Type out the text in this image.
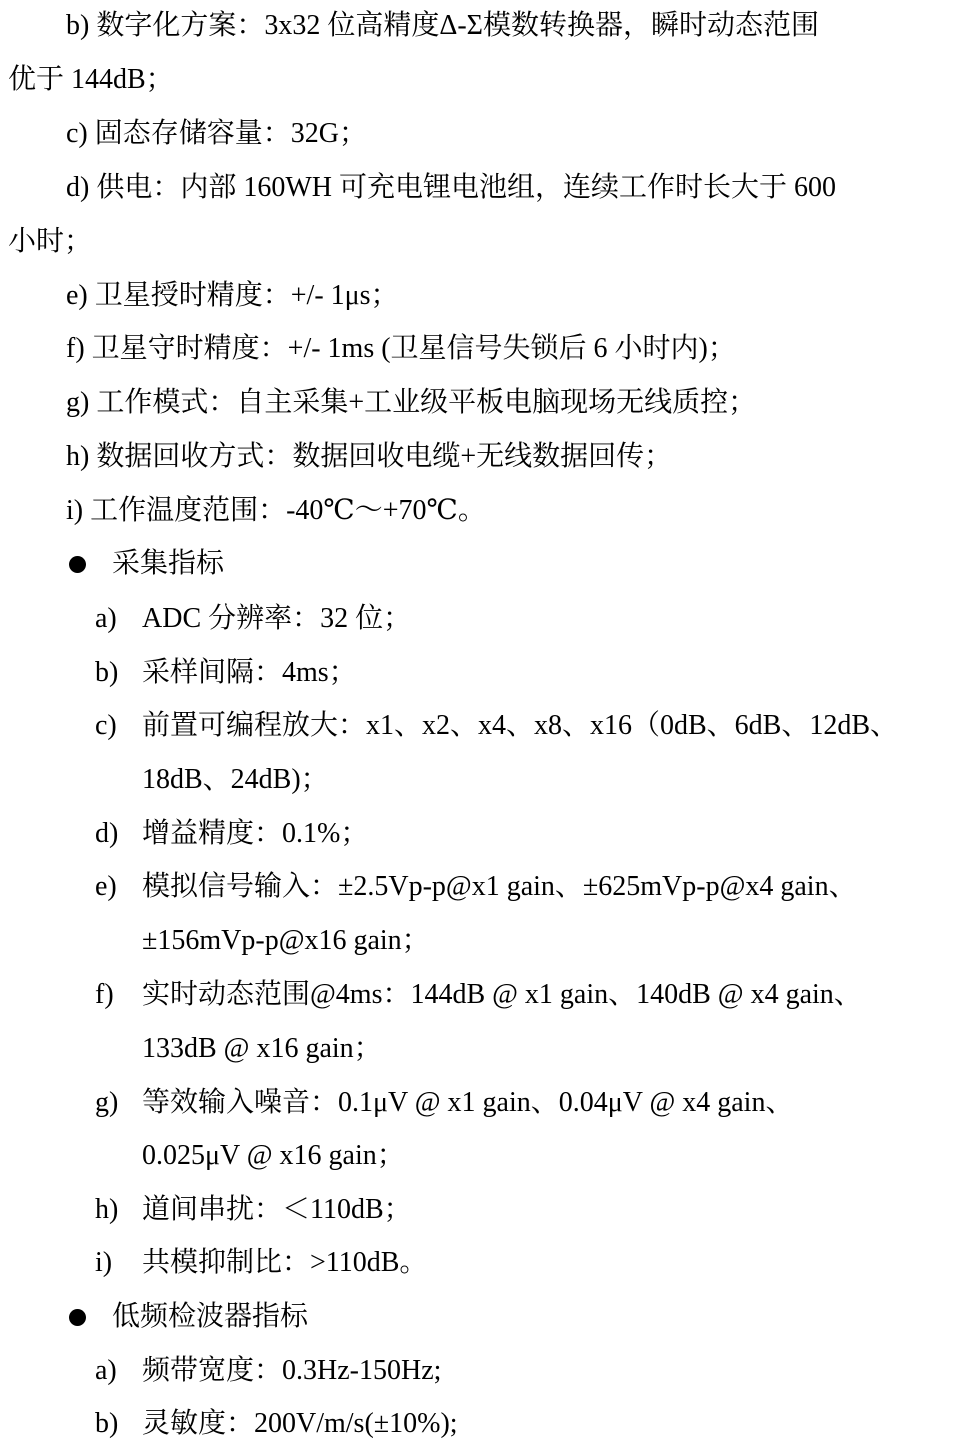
b) 数字化方案：3x32 位高精度Δ-Σ模数转换器，瞬时动态范围
优于 144dB；
c) 固态存储容量：32G；
d) 供电：内部 160WH 可充电锂电池组，连续工作时长大于 600
小时；
e) 卫星授时精度：+/- 1μs；
f) 卫星守时精度：+/- 1ms (卫星信号失锁后 6 小时内)；
g) 工作模式：自主采集+工业级平板电脑现场无线质控；
h) 数据回收方式：数据回收电缆+无线数据回传；
i) 工作温度范围：-40℃～+70℃。
采集指标
a) ADC 分辨率：32 位；
b) 采样间隔：4ms；
c) 前置可编程放大：x1、x2、x4、x8、x16（0dB、6dB、12dB、
18dB、24dB)；
d) 增益精度：0.1%；
e) 模拟信号输入：±2.5Vp-p@x1 gain、±625mVp-p@x4 gain、
±156mVp-p@x16 gain；
f) 实时动态范围@4ms：144dB @ x1 gain、140dB @ x4 gain、
133dB @ x16 gain；
g) 等效输入噪音：0.1μV @ x1 gain、0.04μV @ x4 gain、
0.025μV @ x16 gain；
h) 道间串扰：＜110dB；
i) 共模抑制比：>110dB。
低频检波器指标
a) 频带宽度：0.3Hz-150Hz;
b) 灵敏度：200V/m/s(±10%);
